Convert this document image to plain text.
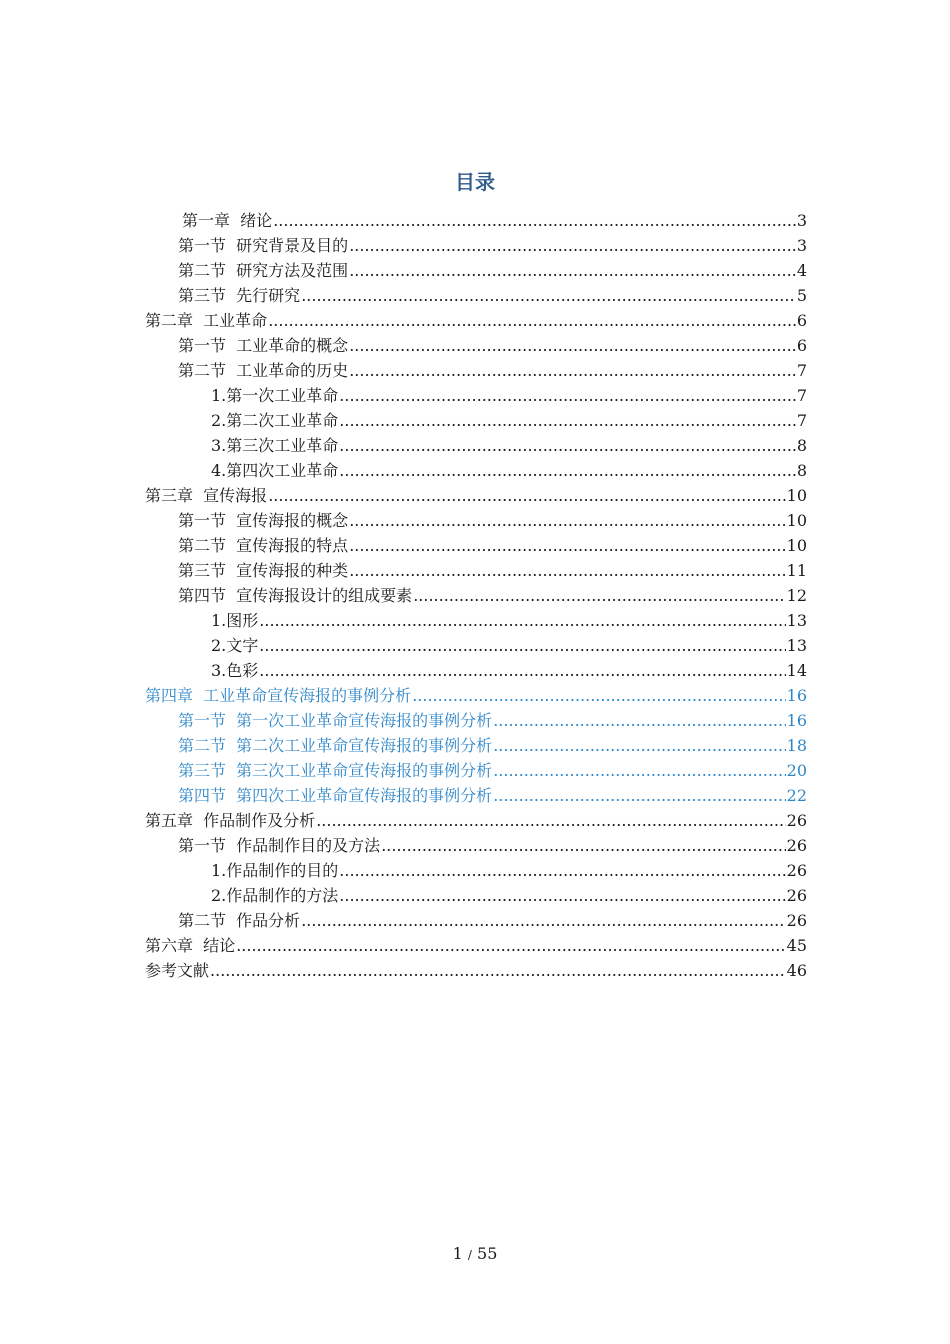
目录
第一章  绪论 .....	3
第一节  研究背景及目的 .....	3
第二节  研究方法及范围 .....	4
第三节  先行研究 .....	5
第二章  工业革命 .....	6
第一节  工业革命的概念 .....	6
第二节  工业革命的历史 .....	7
1.第一次工业革命 .....	7
2.第二次工业革命 .....	7
3.第三次工业革命 .....	8
4.第四次工业革命 .....	8
第三章  宣传海报 .....	10
第一节  宣传海报的概念 .....	10
第二节  宣传海报的特点 .....	10
第三节  宣传海报的种类 .....	11
第四节  宣传海报设计的组成要素 .....	12
1.图形 .....	13
2.文字 .....	13
3.色彩 .....	14
第四章  工业革命宣传海报的事例分析 .....	16
第一节  第一次工业革命宣传海报的事例分析 .....	16
第二节  第二次工业革命宣传海报的事例分析 .....	18
第三节  第三次工业革命宣传海报的事例分析 .....	20
第四节  第四次工业革命宣传海报的事例分析 .....	22
第五章  作品制作及分析 .....	26
第一节  作品制作目的及方法 .....	26
1.作品制作的目的 .....	26
2.作品制作的方法 .....	26
第二节  作品分析 .....	26
第六章  结论 .....	45
参考文献 .....	46
1 / 55
